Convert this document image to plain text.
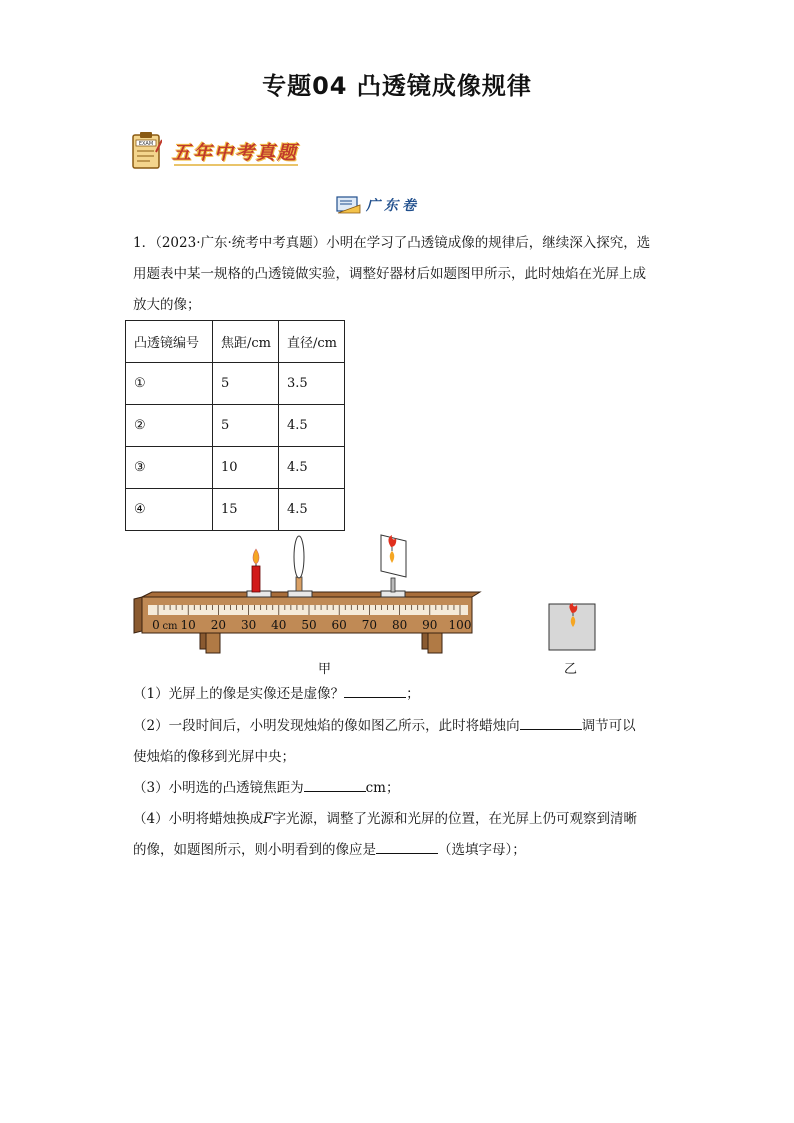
专题04 凸透镜成像规律
EXAM 五年中考真题
广东卷
1．（2023·广东·统考中考真题）小明在学习了凸透镜成像的规律后，继续深入探究，选
用题表中某一规格的凸透镜做实验，调整好器材后如题图甲所示，此时烛焰在光屏上成
放大的像；
凸透镜编号	焦距/cm	直径/cm
①	5	3.5
②	5	4.5
③	10	4.5
④	15	4.5
0 cm 10 20 30 40 50 60 70 80 90 100
甲	乙
（1）光屏上的像是实像还是虚像？	；
（2）一段时间后，小明发现烛焰的像如图乙所示，此时将蜡烛向	调节可以
使烛焰的像移到光屏中央；
（3）小明选的凸透镜焦距为	cm；
（4）小明将蜡烛换成F字光源，调整了光源和光屏的位置，在光屏上仍可观察到清晰
的像，如题图所示，则小明看到的像应是	（选填字母）；
